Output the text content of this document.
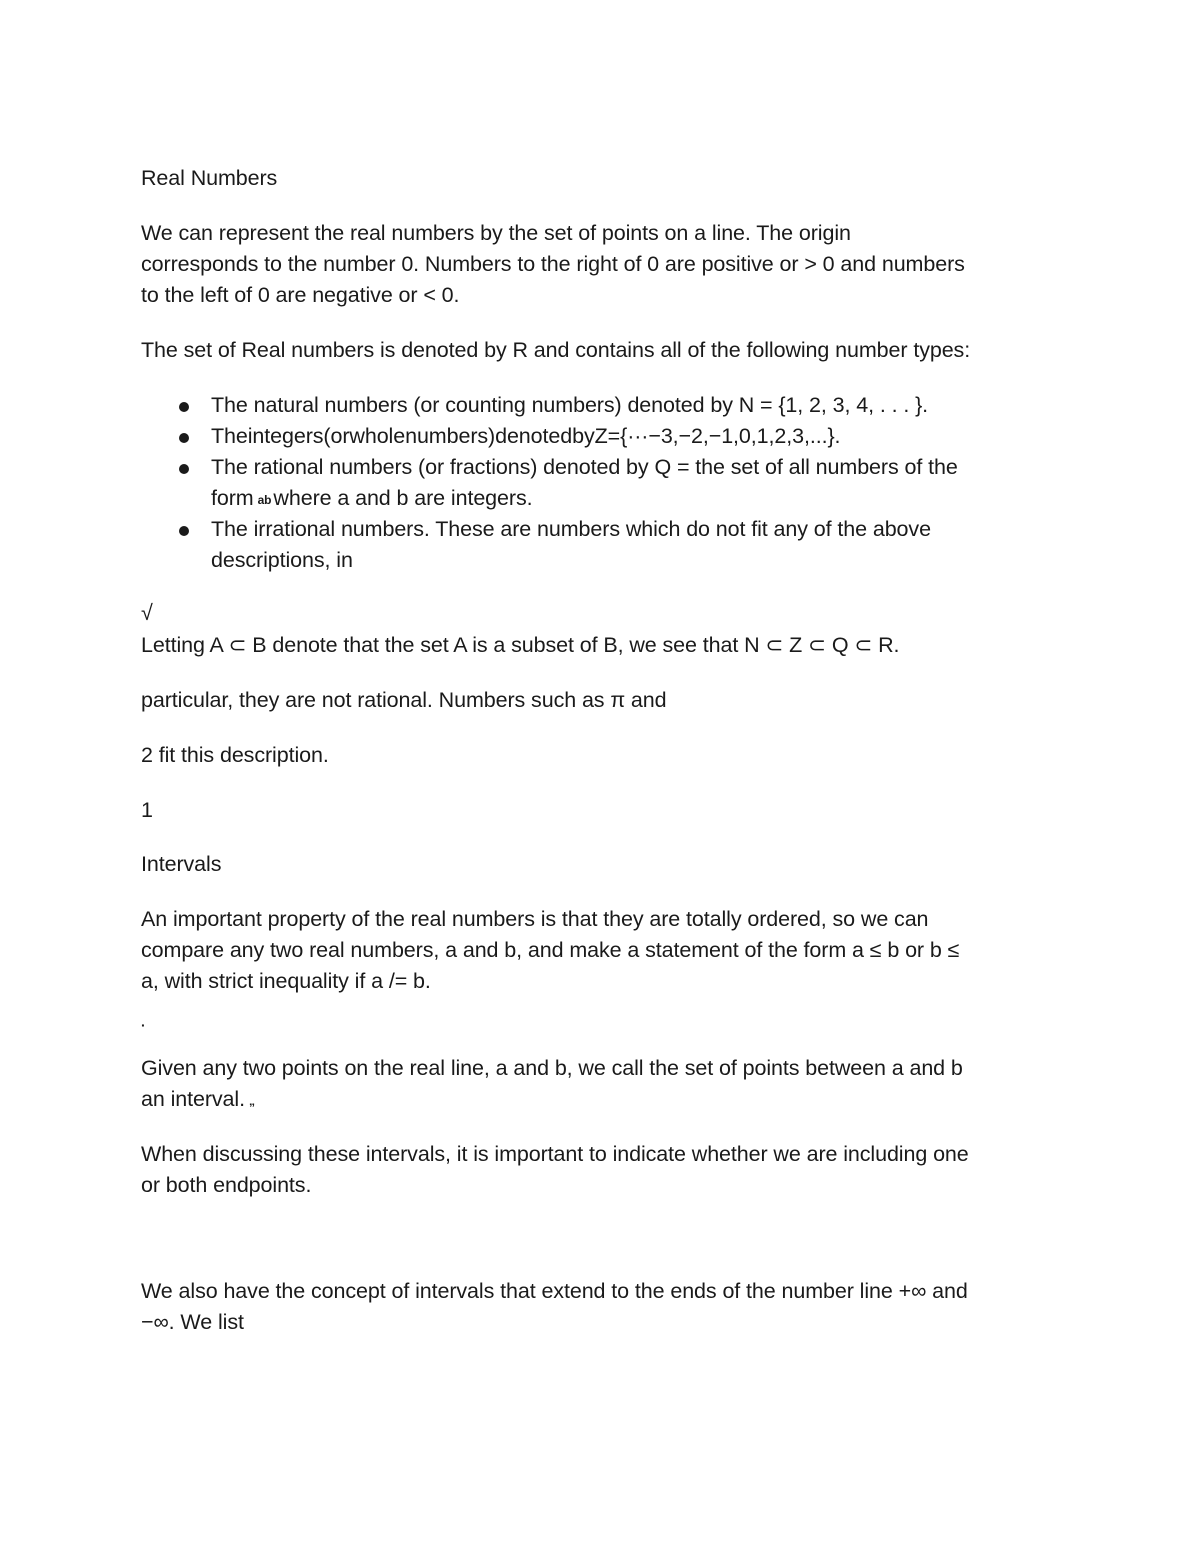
Real Numbers
We can represent the real numbers by the set of points on a line. The origin
corresponds to the number 0. Numbers to the right of 0 are positive or > 0 and numbers
to the left of 0 are negative or < 0.
The set of Real numbers is denoted by R and contains all of the following number types:
The natural numbers (or counting numbers) denoted by N = {1, 2, 3, 4, . . . }.
Theintegers(orwholenumbers)denotedbyZ={···−3,−2,−1,0,1,2,3,...}.
The rational numbers (or fractions) denoted by Q = the set of all numbers of the
form abwhere a and b are integers.
The irrational numbers. These are numbers which do not fit any of the above
descriptions, in
√
Letting A ⊂ B denote that the set A is a subset of B, we see that N ⊂ Z ⊂ Q ⊂ R.
particular, they are not rational. Numbers such as π and
2 fit this description.
1
Intervals
An important property of the real numbers is that they are totally ordered, so we can
compare any two real numbers, a and b, and make a statement of the form a ≤ b or b ≤
a, with strict inequality if a /= b.
·
Given any two points on the real line, a and b, we call the set of points between a and b
an interval. „
When discussing these intervals, it is important to indicate whether we are including one
or both endpoints.
We also have the concept of intervals that extend to the ends of the number line +∞ and
−∞. We list
